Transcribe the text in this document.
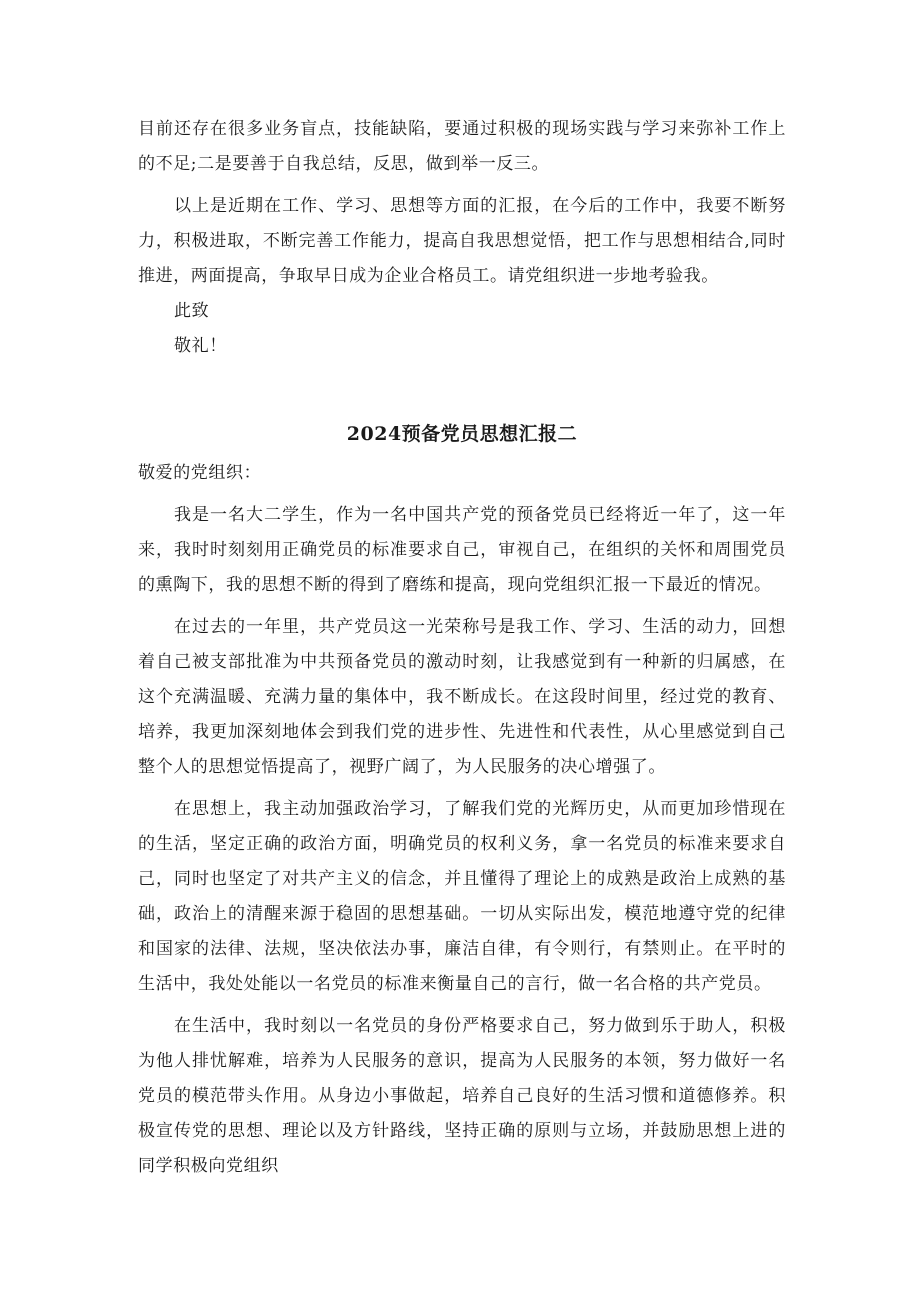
目前还存在很多业务盲点，技能缺陷，要通过积极的现场实践与学习来弥补工作上的不足;二是要善于自我总结，反思，做到举一反三。

以上是近期在工作、学习、思想等方面的汇报，在今后的工作中，我要不断努力，积极进取，不断完善工作能力，提高自我思想觉悟，把工作与思想相结合,同时推进，两面提高，争取早日成为企业合格员工。请党组织进一步地考验我。

此致

敬礼！

2024预备党员思想汇报二

敬爱的党组织：

我是一名大二学生，作为一名中国共产党的预备党员已经将近一年了，这一年来，我时时刻刻用正确党员的标准要求自己，审视自己，在组织的关怀和周围党员的熏陶下，我的思想不断的得到了磨练和提高，现向党组织汇报一下最近的情况。

在过去的一年里，共产党员这一光荣称号是我工作、学习、生活的动力，回想着自己被支部批准为中共预备党员的激动时刻，让我感觉到有一种新的归属感，在这个充满温暖、充满力量的集体中，我不断成长。在这段时间里，经过党的教育、培养，我更加深刻地体会到我们党的进步性、先进性和代表性，从心里感觉到自己整个人的思想觉悟提高了，视野广阔了，为人民服务的决心增强了。

在思想上，我主动加强政治学习，了解我们党的光辉历史，从而更加珍惜现在的生活，坚定正确的政治方面，明确党员的权利义务，拿一名党员的标准来要求自己，同时也坚定了对共产主义的信念，并且懂得了理论上的成熟是政治上成熟的基础，政治上的清醒来源于稳固的思想基础。一切从实际出发，模范地遵守党的纪律和国家的法律、法规，坚决依法办事，廉洁自律，有令则行，有禁则止。在平时的生活中，我处处能以一名党员的标准来衡量自己的言行，做一名合格的共产党员。

在生活中，我时刻以一名党员的身份严格要求自己，努力做到乐于助人，积极为他人排忧解难，培养为人民服务的意识，提高为人民服务的本领，努力做好一名党员的模范带头作用。从身边小事做起，培养自己良好的生活习惯和道德修养。积极宣传党的思想、理论以及方针路线，坚持正确的原则与立场，并鼓励思想上进的同学积极向党组织
